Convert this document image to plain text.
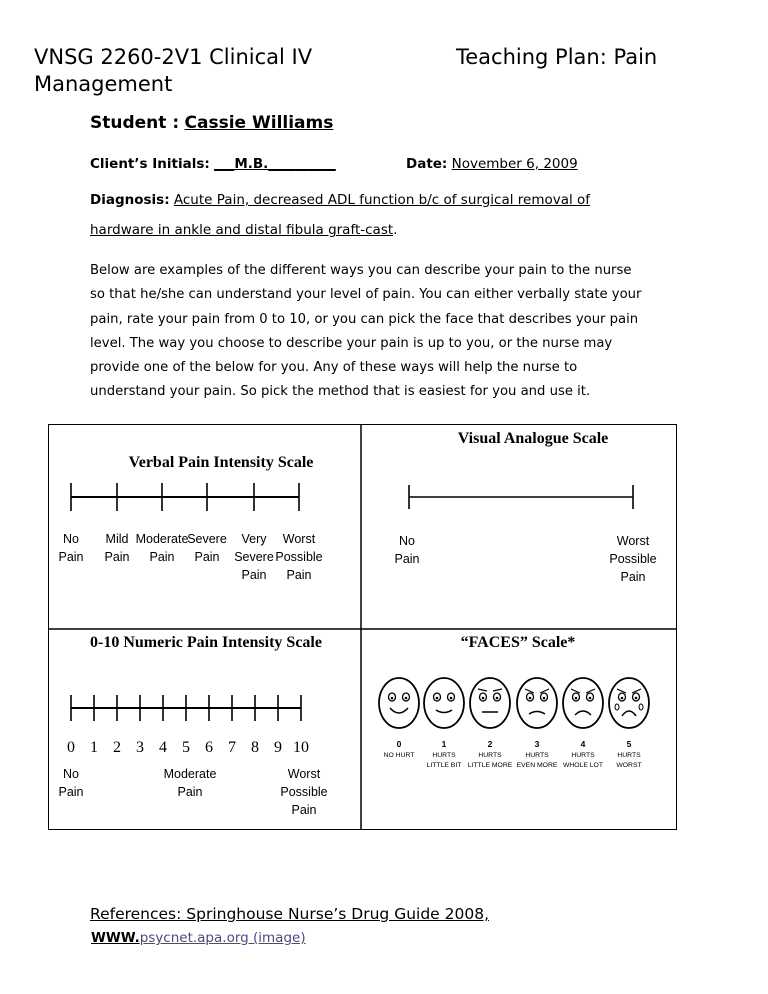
VNSG 2260-2V1 Clinical IV	Teaching Plan: Pain
Management
Student : Cassie Williams
Client’s Initials: ___M.B.__________	Date: November 6, 2009
Diagnosis: Acute Pain, decreased ADL function b/c of surgical removal of
hardware in ankle and distal fibula graft-cast.
Below are examples of the different ways you can describe your pain to the nurse
so that he/she can understand your level of pain. You can either verbally state your
pain, rate your pain from 0 to 10, or you can pick the face that describes your pain
level. The way you choose to describe your pain is up to you, or the nurse may
provide one of the below for you. Any of these ways will help the nurse to
understand your pain. So pick the method that is easiest for you and use it.
Verbal Pain Intensity Scale
No
Pain
Mild
Pain
Moderate
Pain
Severe
Pain
Very
Severe
Pain
Worst
Possible
Pain
Visual Analogue Scale
No
Pain
Worst
Possible
Pain
0-10 Numeric Pain Intensity Scale
0 1 2 3 4 5 6 7 8 9 10
No
Pain
Moderate
Pain
Worst
Possible
Pain
“FACES” Scale*
0
NO HURT
1
HURTS
LITTLE BIT
2
HURTS
LITTLE MORE
3
HURTS
EVEN MORE
4
HURTS
WHOLE LOT
5
HURTS
WORST
References: Springhouse Nurse’s Drug Guide 2008,
WWW.psycnet.apa.org (image)
